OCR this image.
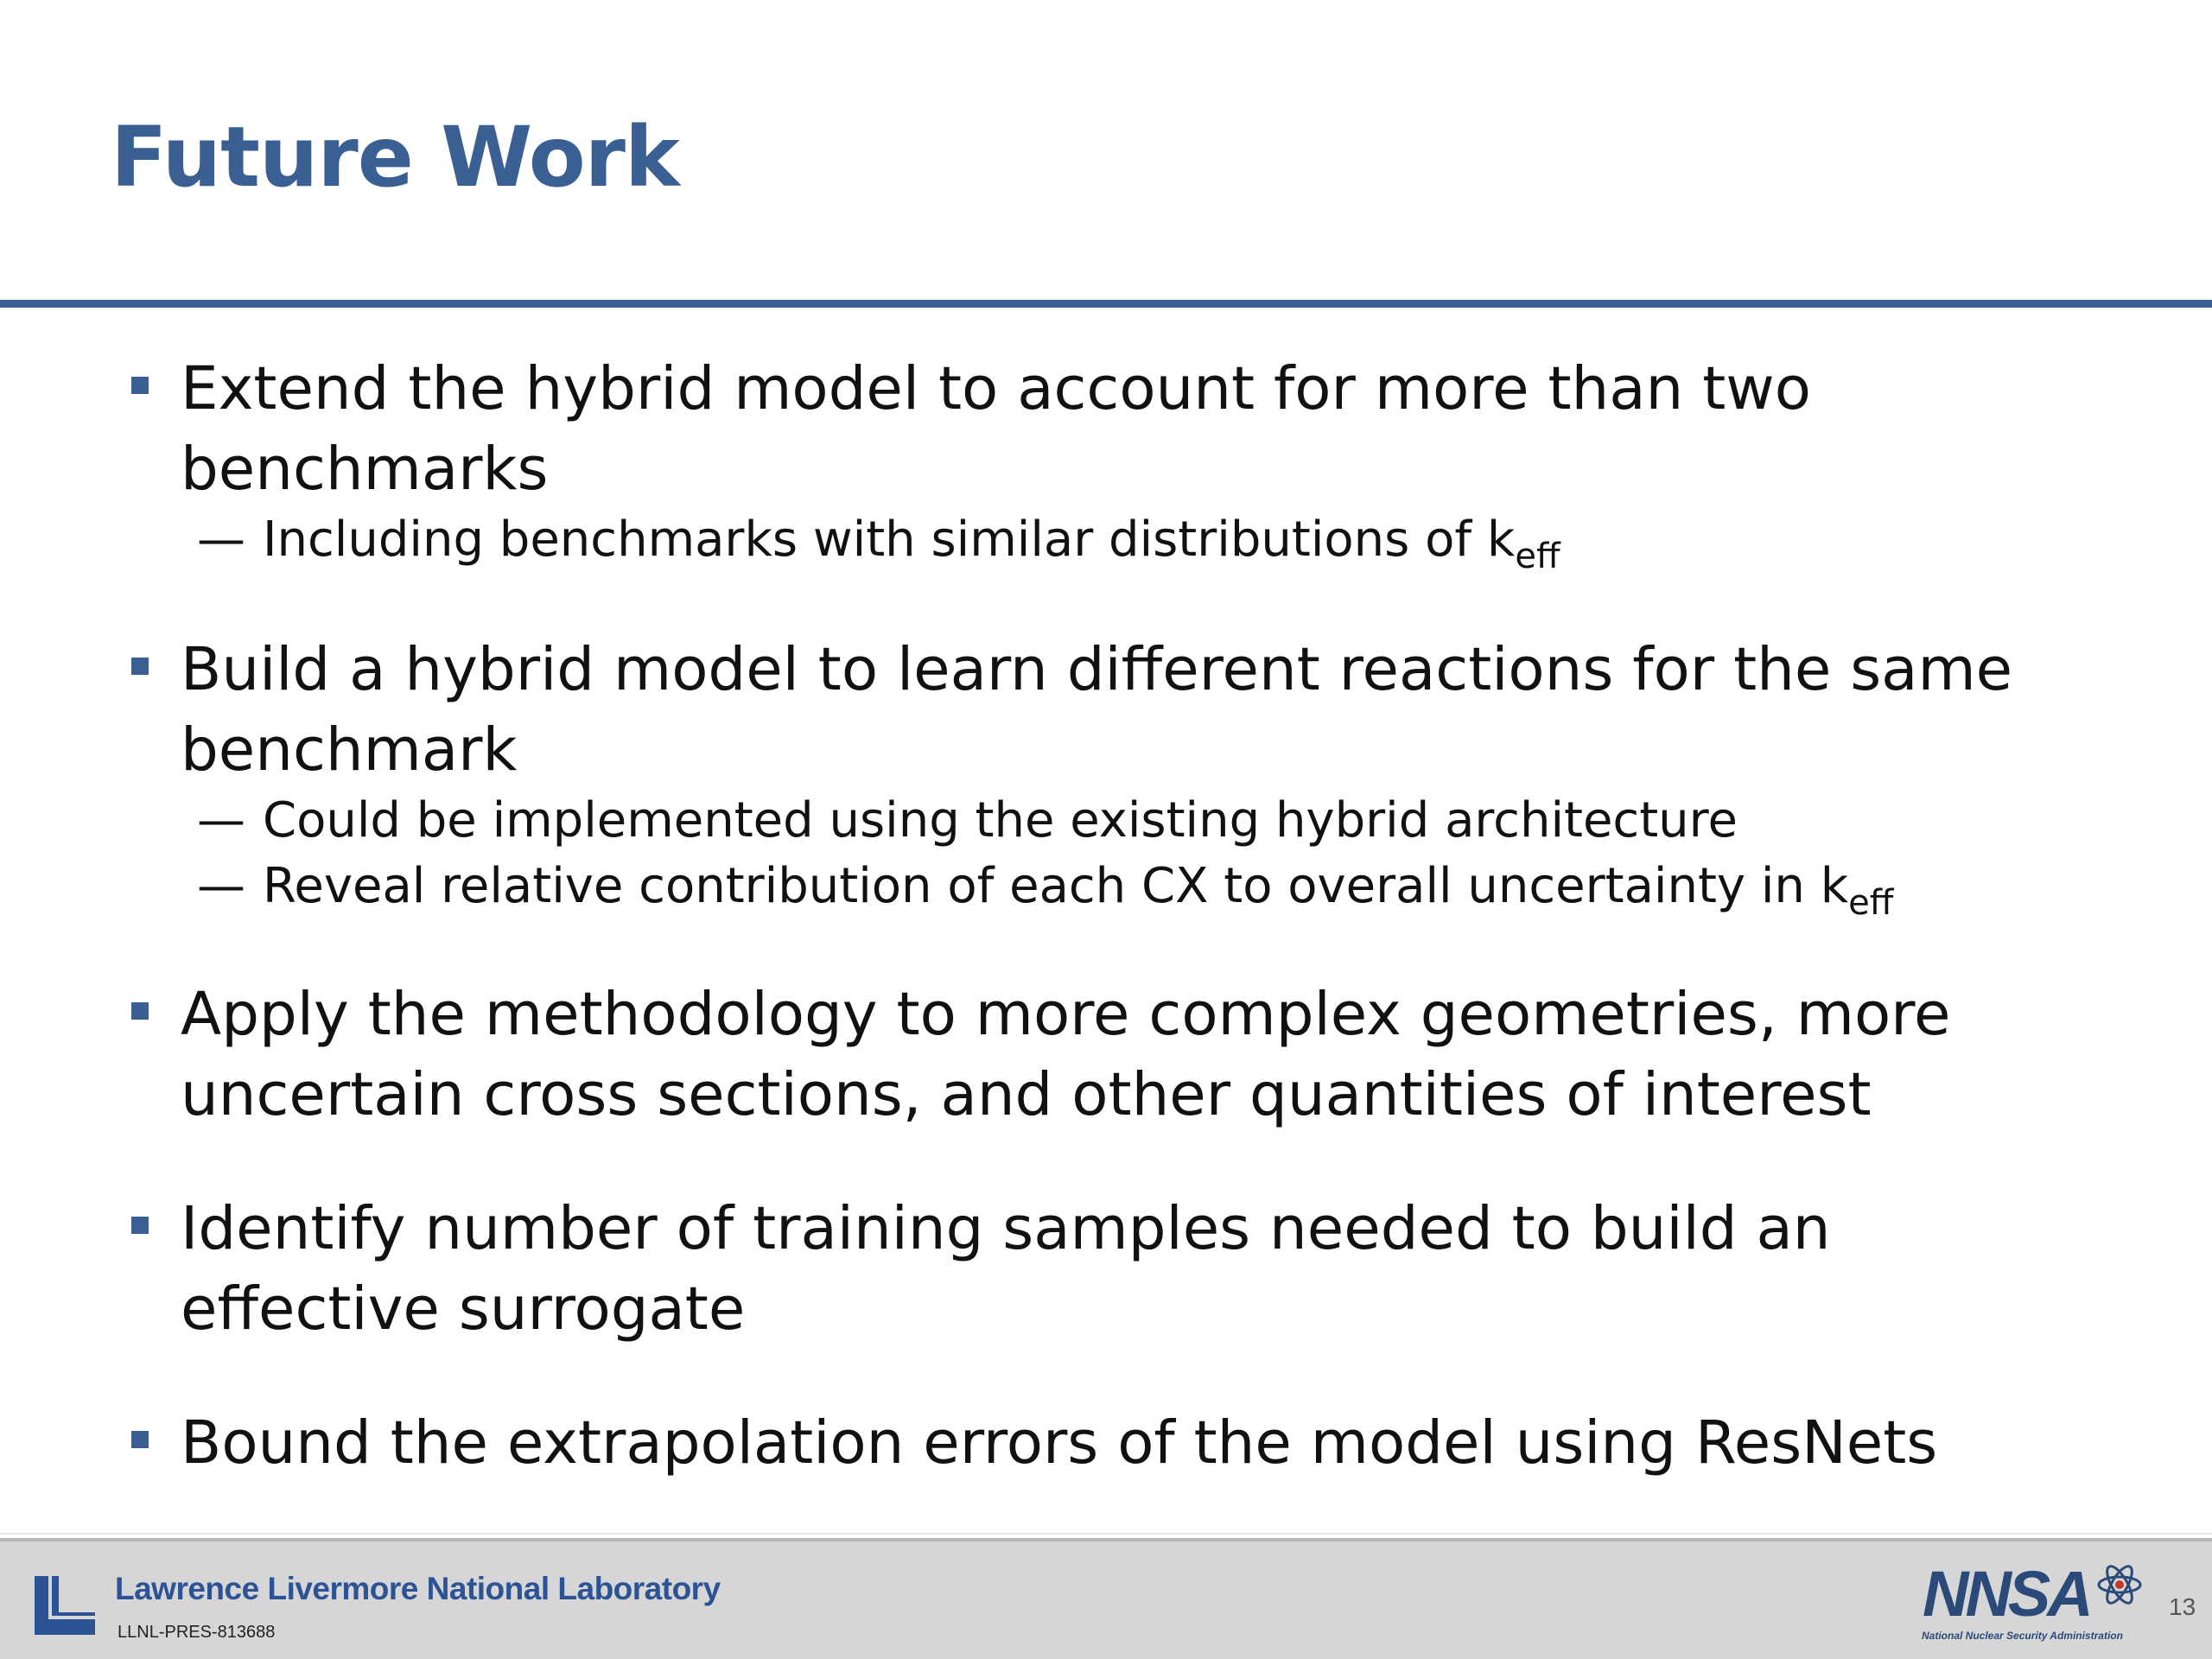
Future Work
Extend the hybrid model to account for more than two
benchmarks
— Including benchmarks with similar distributions of $k_{eff}$
Build a hybrid model to learn different reactions for the same
benchmark
— Could be implemented using the existing hybrid architecture
— Reveal relative contribution of each CX to overall uncertainty in $k_{eff}$
Apply the methodology to more complex geometries, more
uncertain cross sections, and other quantities of interest
Identify number of training samples needed to build an
effective surrogate
Bound the extrapolation errors of the model using ResNets
Lawrence Livermore National Laboratory
LLNL-PRES-813688
NNSA
National Nuclear Security Administration
13
